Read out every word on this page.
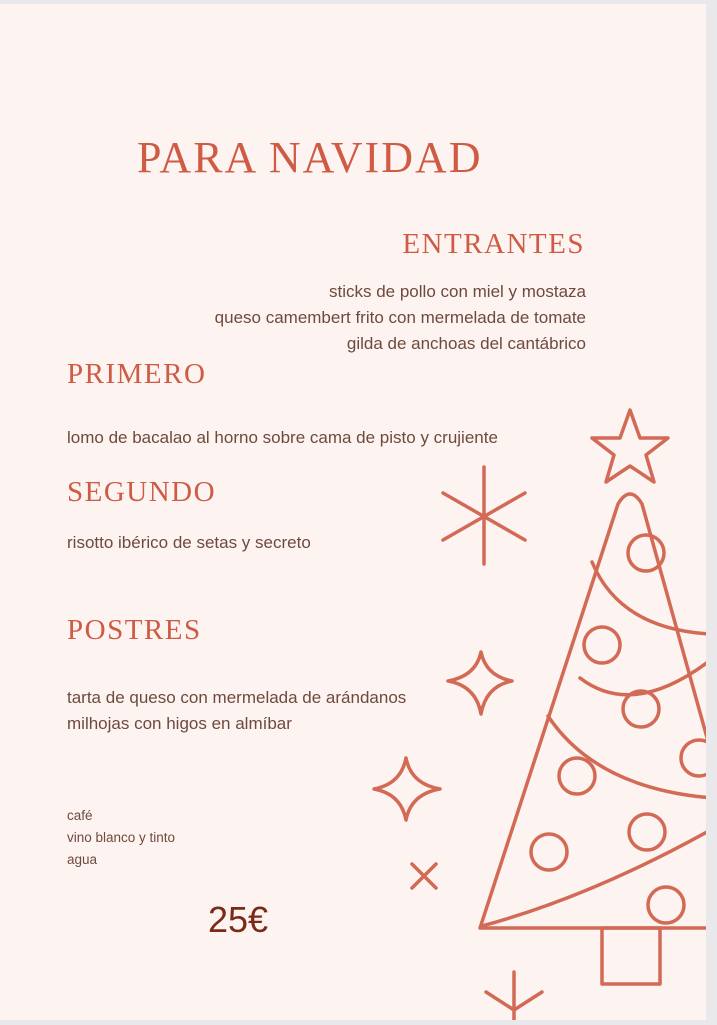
PARA NAVIDAD
ENTRANTES
sticks de pollo con miel y mostaza
queso camembert frito con mermelada de tomate
gilda de anchoas del cantábrico
PRIMERO
lomo de bacalao al horno sobre cama de pisto y crujiente
SEGUNDO
risotto ibérico de setas y secreto
POSTRES
tarta de queso con mermelada de arándanos
milhojas con higos en almíbar
café
vino blanco y tinto
agua
25€
